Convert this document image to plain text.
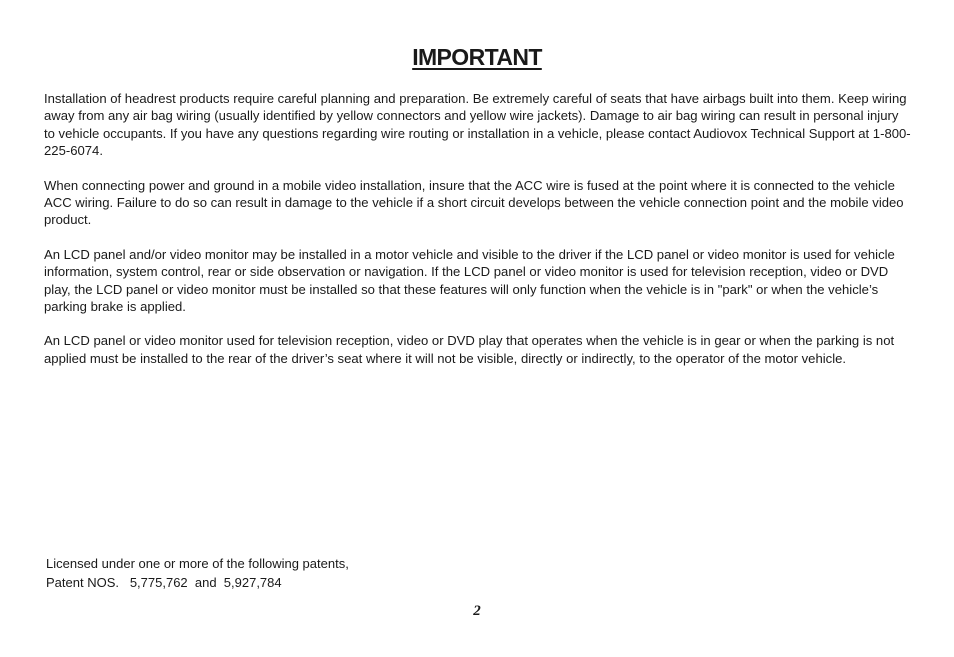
IMPORTANT

Installation of headrest products require careful planning and preparation. Be extremely careful of seats that have airbags built into them. Keep wiring away from any air bag wiring (usually identified by yellow connectors and yellow wire jackets). Damage to air bag wiring can result in personal injury to vehicle occupants. If you have any questions regarding wire routing or installation in a vehicle, please contact Audiovox Technical Support at 1-800-225-6074.

When connecting power and ground in a mobile video installation, insure that the ACC wire is fused at the point where it is connected to the vehicle ACC wiring. Failure to do so can result in damage to the vehicle if a short circuit develops between the vehicle connection point and the mobile video product.

An LCD panel and/or video monitor may be installed in a motor vehicle and visible to the driver if the LCD panel or video monitor is used for vehicle information, system control, rear or side observation or navigation. If the LCD panel or video monitor is used for television reception, video or DVD play, the LCD panel or video monitor must be installed so that these features will only function when the vehicle is in "park" or when the vehicle’s parking brake is applied.

An LCD panel or video monitor used for television reception, video or DVD play that operates when the vehicle is in gear or when the parking is not applied must be installed to the rear of the driver’s seat where it will not be visible, directly or indirectly, to the operator of the motor vehicle.

Licensed under one or more of the following patents,
Patent NOS.   5,775,762  and  5,927,784
2
